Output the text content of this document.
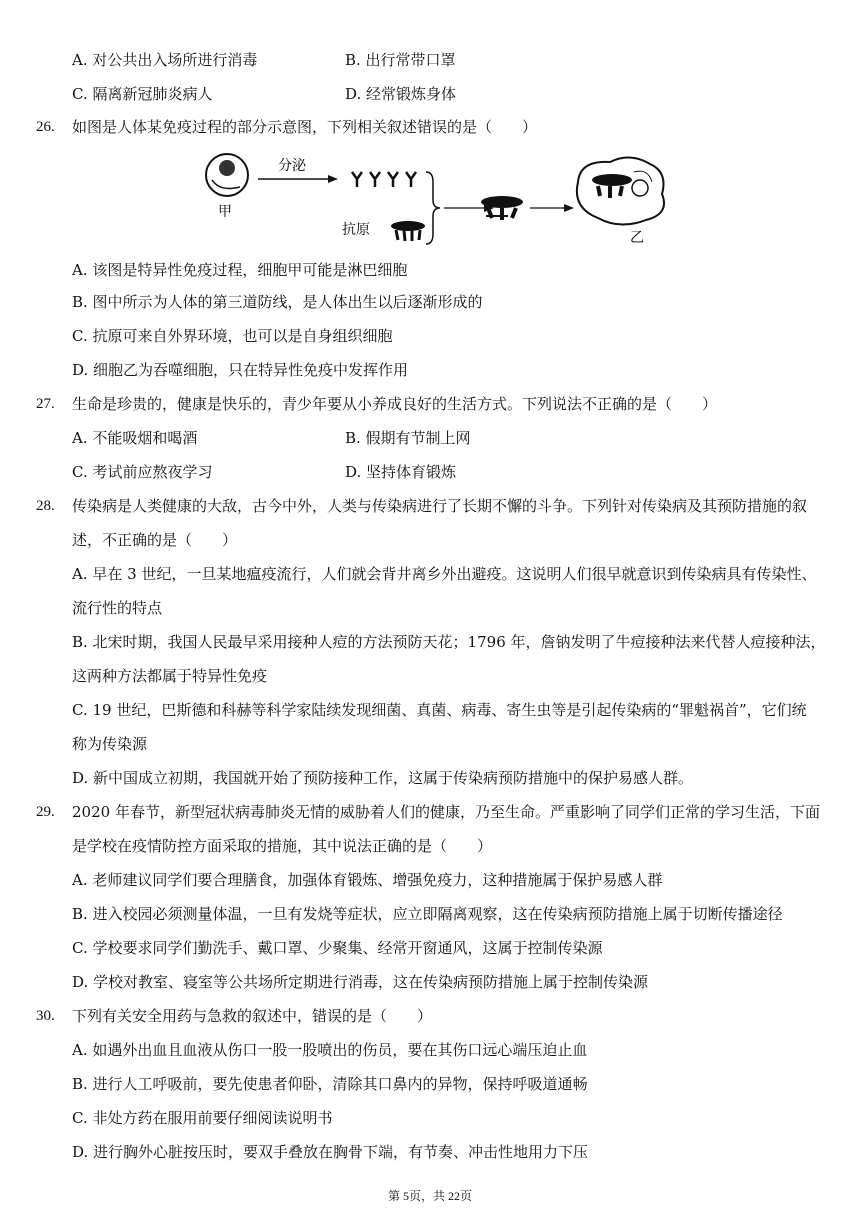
A. 对公共出入场所进行消毒	B. 出行常带口罩
C. 隔离新冠肺炎病人	D. 经常锻炼身体
26. 如图是人体某免疫过程的部分示意图，下列相关叙述错误的是（　　）
甲
分泌
抗原	乙
A. 该图是特异性免疫过程，细胞甲可能是淋巴细胞
B. 图中所示为人体的第三道防线，是人体出生以后逐渐形成的
C. 抗原可来自外界环境，也可以是自身组织细胞
D. 细胞乙为吞噬细胞，只在特异性免疫中发挥作用
27. 生命是珍贵的，健康是快乐的，青少年要从小养成良好的生活方式。下列说法不正确的是（　　）
A. 不能吸烟和喝酒	B. 假期有节制上网
C. 考试前应熬夜学习	D. 坚持体育锻炼
28. 传染病是人类健康的大敌，古今中外，人类与传染病进行了长期不懈的斗争。下列针对传染病及其预防措施的叙
述，不正确的是（　　）
A. 早在 3 世纪，一旦某地瘟疫流行，人们就会背井离乡外出避疫。这说明人们很早就意识到传染病具有传染性、
流行性的特点
B. 北宋时期，我国人民最早采用接种人痘的方法预防天花；1796 年，詹钠发明了牛痘接种法来代替人痘接种法，
这两种方法都属于特异性免疫
C. 19 世纪，巴斯德和科赫等科学家陆续发现细菌、真菌、病毒、寄生虫等是引起传染病的“罪魁祸首”，它们统
称为传染源
D. 新中国成立初期，我国就开始了预防接种工作，这属于传染病预防措施中的保护易感人群。
29. 2020 年春节，新型冠状病毒肺炎无情的威胁着人们的健康，乃至生命。严重影响了同学们正常的学习生活，下面
是学校在疫情防控方面采取的措施，其中说法正确的是（　　）
A. 老师建议同学们要合理膳食，加强体育锻炼、增强免疫力，这种措施属于保护易感人群
B. 进入校园必须测量体温，一旦有发烧等症状，应立即隔离观察，这在传染病预防措施上属于切断传播途径
C. 学校要求同学们勤洗手、戴口罩、少聚集、经常开窗通风，这属于控制传染源
D. 学校对教室、寝室等公共场所定期进行消毒，这在传染病预防措施上属于控制传染源
30. 下列有关安全用药与急救的叙述中，错误的是（　　）
A. 如遇外出血且血液从伤口一股一股喷出的伤员，要在其伤口远心端压迫止血
B. 进行人工呼吸前，要先使患者仰卧，清除其口鼻内的异物，保持呼吸道通畅
C. 非处方药在服用前要仔细阅读说明书
D. 进行胸外心脏按压时，要双手叠放在胸骨下端，有节奏、冲击性地用力下压
第 5页，共 22页
